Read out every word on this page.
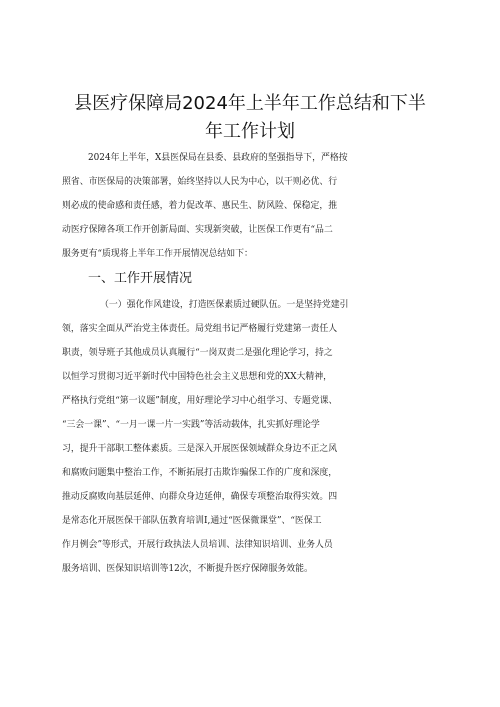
县医疗保障局2024年上半年工作总结和下半
年工作计划
2024年上半年，X县医保局在县委、县政府的坚强指导下，严格按
照省、市医保局的决策部署，始终坚持以人民为中心，以干则必优、行
则必成的使命感和责任感，着力促改革、惠民生、防风险、保稳定，推
动医疗保障各项工作开创新局面、实现新突破，让医保工作更有“品二
服务更有“质现将上半年工作开展情况总结如下：
一、工作开展情况
（一）强化作风建设，打造医保素质过硬队伍。一是坚持党建引
领，落实全面从严治党主体责任。局党组书记严格履行党建第一责任人
职责，领导班子其他成员认真履行“一岗双责二是强化理论学习，持之
以恒学习贯彻习近平新时代中国特色社会主义思想和党的XX大精神，
严格执行党组“第一议题”制度，用好理论学习中心组学习、专题党课、
“三会一课”、“一月一课一片一实践”等活动载体，扎实抓好理论学
习，提升干部职工整体素质。三是深入开展医保领域群众身边不正之风
和腐败问题集中整治工作，不断拓展打击欺诈骗保工作的广度和深度，
推动反腐败向基层延伸、向群众身边延伸，确保专项整治取得实效。四
是常态化开展医保干部队伍教育培训I,通过“医保微课堂”、“医保工
作月例会”等形式，开展行政执法人员培训、法律知识培训、业务人员
服务培训、医保知识培训等12次，不断提升医疗保障服务效能。
